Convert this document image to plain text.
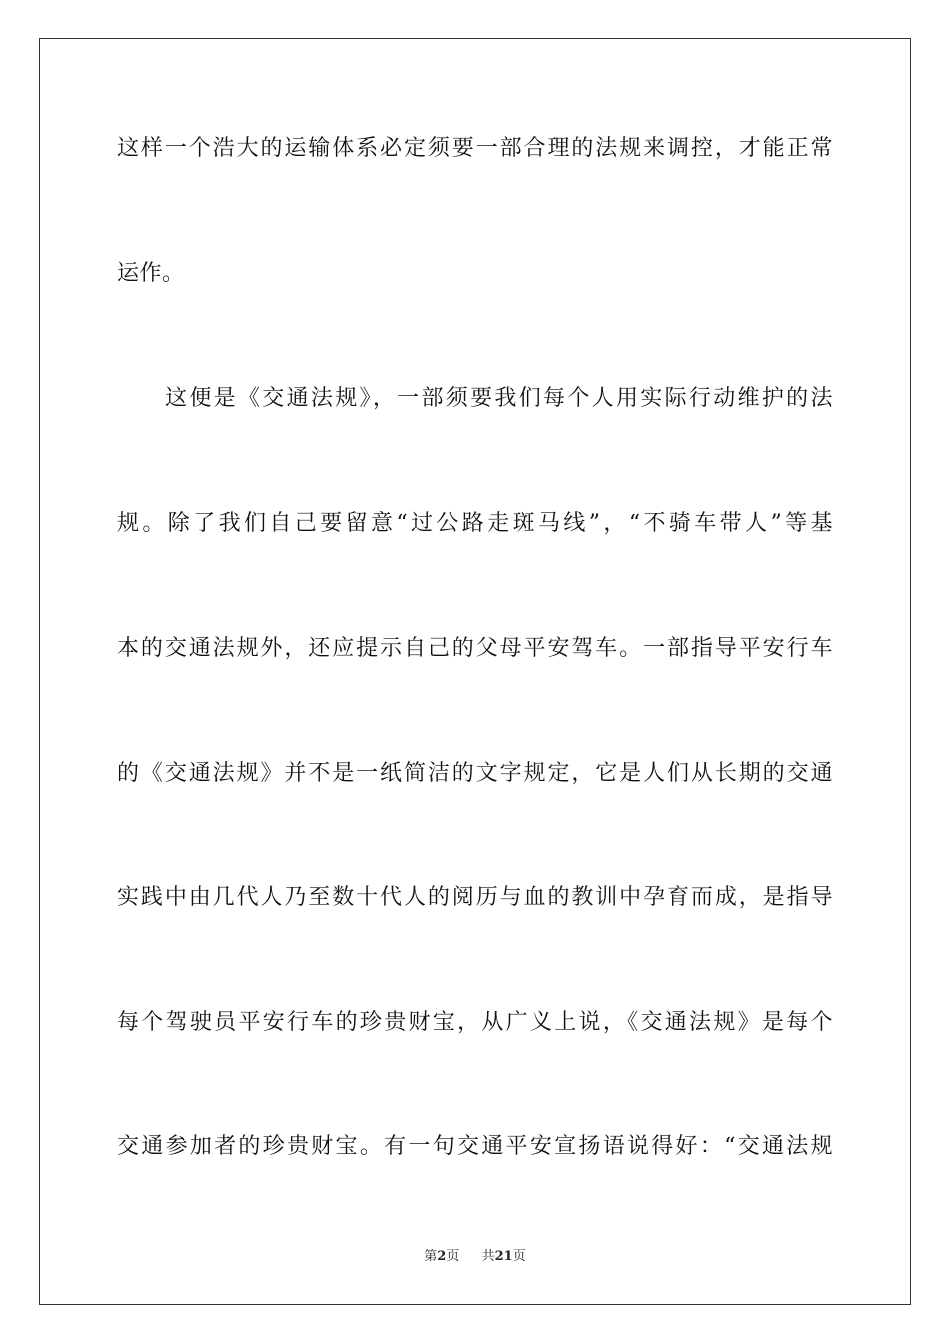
这样一个浩大的运输体系必定须要一部合理的法规来调控，才能正常
运作。
这便是《交通法规》，一部须要我们每个人用实际行动维护的法
规。除了我们自己要留意“过公路走斑马线”，“不骑车带人”等基
本的交通法规外，还应提示自己的父母平安驾车。一部指导平安行车
的《交通法规》并不是一纸简洁的文字规定，它是人们从长期的交通
实践中由几代人乃至数十代人的阅历与血的教训中孕育而成，是指导
每个驾驶员平安行车的珍贵财宝，从广义上说，《交通法规》是每个
交通参加者的珍贵财宝。有一句交通平安宣扬语说得好：“交通法规
第2页 共21页
